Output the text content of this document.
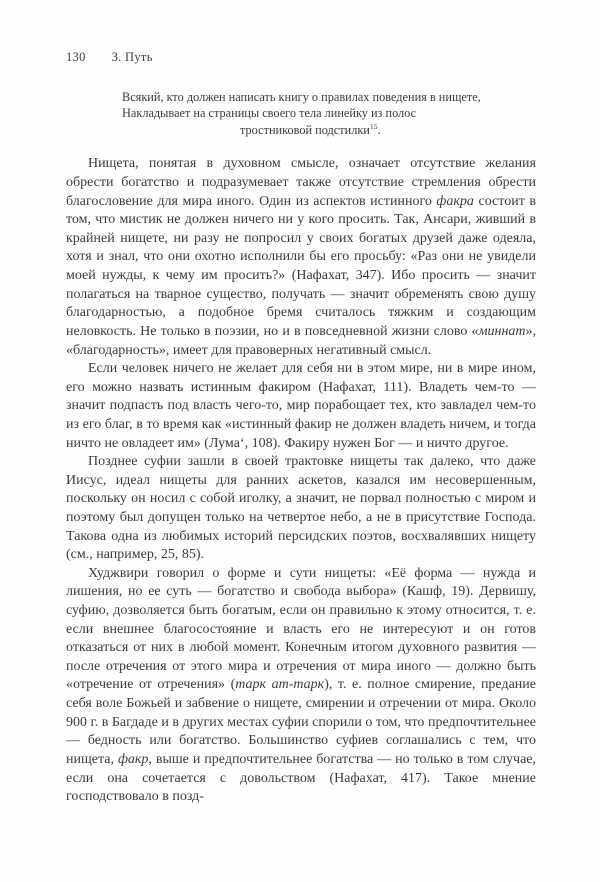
130 3. Путь
Всякий, кто должен написать книгу о правилах поведения в нищете,
Накладывает на страницы своего тела линейку из полос
тростниковой подстилки$^{15}$.

Нищета, понятая в духовном смысле, означает отсутствие желания обрести богатство и подразумевает также отсутствие стремления обрести благословение для мира иного. Один из аспектов истинного факра состоит в том, что мистик не должен ничего ни у кого просить. Так, Ансари, живший в крайней нищете, ни разу не попросил у своих богатых друзей даже одеяла, хотя и знал, что они охотно исполнили бы его просьбу: «Раз они не увидели моей нужды, к чему им просить?» (Нафахат, 347). Ибо просить — значит полагаться на тварное существо, получать — значит обременять свою душу благодарностью, а подобное бремя считалось тяжким и создающим неловкость. Не только в поэзии, но и в повседневной жизни слово «миннат», «благодарность», имеет для правоверных негативный смысл.

Если человек ничего не желает для себя ни в этом мире, ни в мире ином, его можно назвать истинным факиром (Нафахат, 111). Владеть чем-то — значит подпасть под власть чего-то, мир порабощает тех, кто завладел чем-то из его благ, в то время как «истинный факир не должен владеть ничем, и тогда ничто не овладеет им» (Лума‘, 108). Факиру нужен Бог — и ничто другое.

Позднее суфии зашли в своей трактовке нищеты так далеко, что даже Иисус, идеал нищеты для ранних аскетов, казался им несовершенным, поскольку он носил с собой иголку, а значит, не порвал полностью с миром и поэтому был допущен только на четвертое небо, а не в присутствие Господа. Такова одна из любимых историй персидских поэтов, восхвалявших нищету (см., например, 25, 85).

Худжвири говорил о форме и сути нищеты: «Её форма — нужда и лишения, но ее суть — богатство и свобода выбора» (Кашф, 19). Дервишу, суфию, дозволяется быть богатым, если он правильно к этому относится, т. е. если внешнее благосостояние и власть его не интересуют и он готов отказаться от них в любой момент. Конечным итогом духовного развития — после отречения от этого мира и отречения от мира иного — должно быть «отречение от отречения» (тарк ат-тарк), т. е. полное смирение, предание себя воле Божьей и забвение о нищете, смирении и отречении от мира. Около 900 г. в Багдаде и в других местах суфии спорили о том, что предпочтительнее — бедность или богатство. Большинство суфиев соглашались с тем, что нищета, факр, выше и предпочтительнее богатства — но только в том случае, если она сочетается с довольством (Нафахат, 417). Такое мнение господствовало в позд-
